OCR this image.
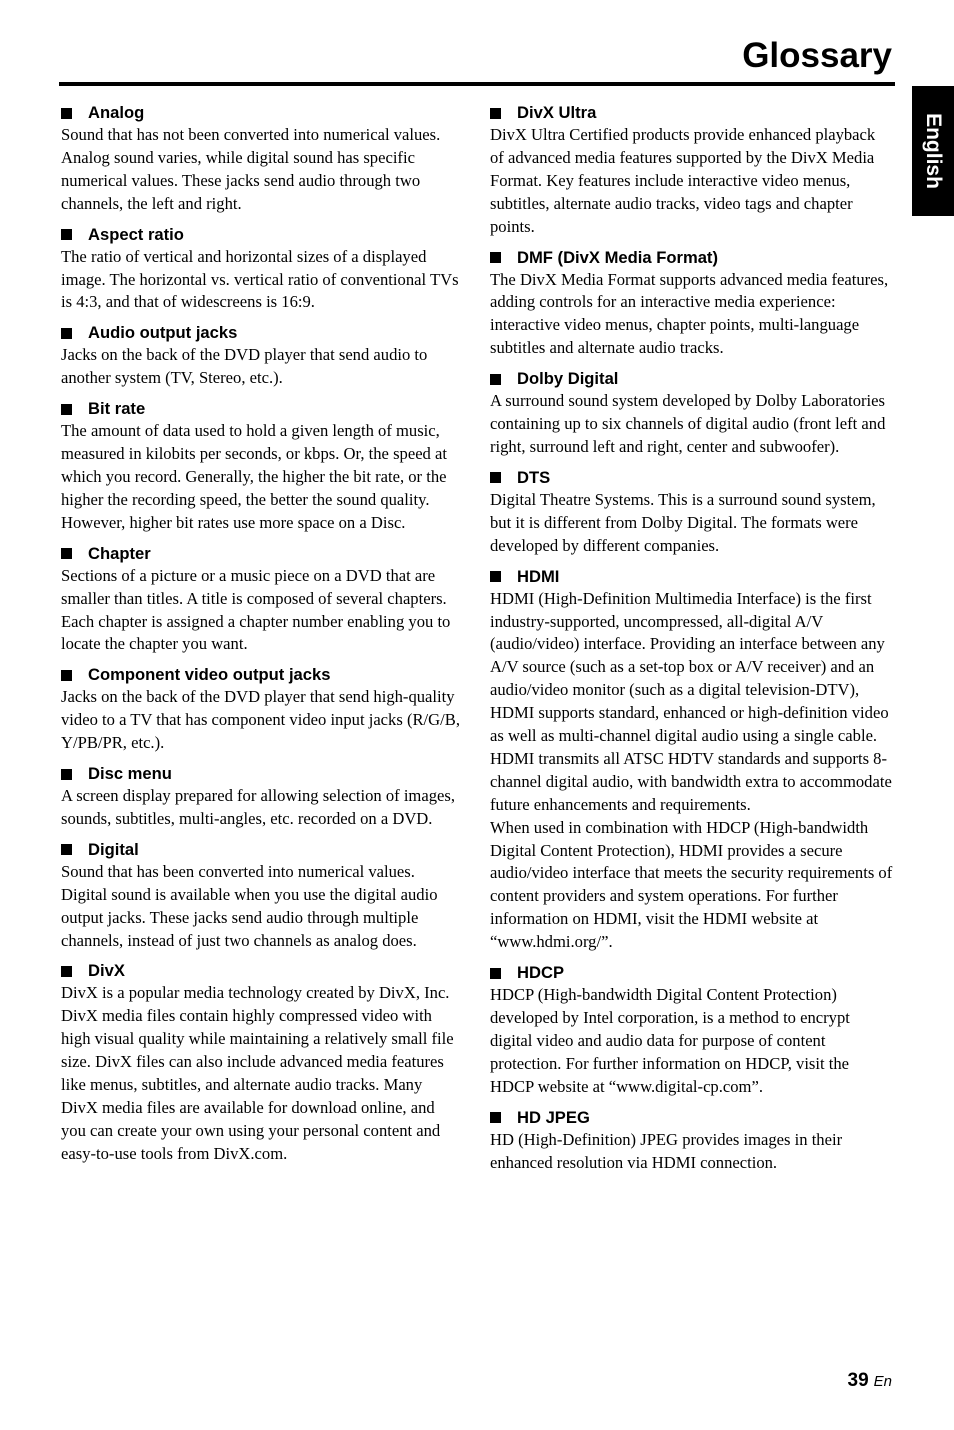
Glossary
English

Analog

Sound that has not been converted into numerical values. Analog sound varies, while digital sound has specific numerical values. These jacks send audio through two channels, the left and right.

Aspect ratio

The ratio of vertical and horizontal sizes of a displayed image. The horizontal vs. vertical ratio of conventional TVs is 4:3, and that of widescreens is 16:9.

Audio output jacks

Jacks on the back of the DVD player that send audio to another system (TV, Stereo, etc.).

Bit rate

The amount of data used to hold a given length of music, measured in kilobits per seconds, or kbps. Or, the speed at which you record. Generally, the higher the bit rate, or the higher the recording speed, the better the sound quality. However, higher bit rates use more space on a Disc.

Chapter

Sections of a picture or a music piece on a DVD that are smaller than titles. A title is composed of several chapters. Each chapter is assigned a chapter number enabling you to locate the chapter you want.

Component video output jacks

Jacks on the back of the DVD player that send high-quality video to a TV that has component video input jacks (R/G/B, Y/PB/PR, etc.).

Disc menu

A screen display prepared for allowing selection of images, sounds, subtitles, multi-angles, etc. recorded on a DVD.

Digital

Sound that has been converted into numerical values. Digital sound is available when you use the digital audio output jacks. These jacks send audio through multiple channels, instead of just two channels as analog does.

DivX

DivX is a popular media technology created by DivX, Inc. DivX media files contain highly compressed video with high visual quality while maintaining a relatively small file size. DivX files can also include advanced media features like menus, subtitles, and alternate audio tracks. Many DivX media files are available for download online, and you can create your own using your personal content and easy-to-use tools from DivX.com.

DivX Ultra

DivX Ultra Certified products provide enhanced playback of advanced media features supported by the DivX Media Format. Key features include interactive video menus, subtitles, alternate audio tracks, video tags and chapter points.

DMF (DivX Media Format)

The DivX Media Format supports advanced media features, adding controls for an interactive media experience: interactive video menus, chapter points, multi-language subtitles and alternate audio tracks.

Dolby Digital

A surround sound system developed by Dolby Laboratories containing up to six channels of digital audio (front left and right, surround left and right, center and subwoofer).

DTS

Digital Theatre Systems. This is a surround sound system, but it is different from Dolby Digital. The formats were developed by different companies.

HDMI

HDMI (High-Definition Multimedia Interface) is the first industry-supported, uncompressed, all-digital A/V (audio/video) interface. Providing an interface between any A/V source (such as a set-top box or A/V receiver) and an audio/video monitor (such as a digital television-DTV), HDMI supports standard, enhanced or high-definition video as well as multi-channel digital audio using a single cable. HDMI transmits all ATSC HDTV standards and supports 8-channel digital audio, with bandwidth extra to accommodate future enhancements and requirements.

When used in combination with HDCP (High-bandwidth Digital Content Protection), HDMI provides a secure audio/video interface that meets the security requirements of content providers and system operations. For further information on HDMI, visit the HDMI website at “www.hdmi.org/”.

HDCP

HDCP (High-bandwidth Digital Content Protection) developed by Intel corporation, is a method to encrypt digital video and audio data for purpose of content protection. For further information on HDCP, visit the HDCP website at “www.digital-cp.com”.

HD JPEG

HD (High-Definition) JPEG provides images in their enhanced resolution via HDMI connection.

39 En
